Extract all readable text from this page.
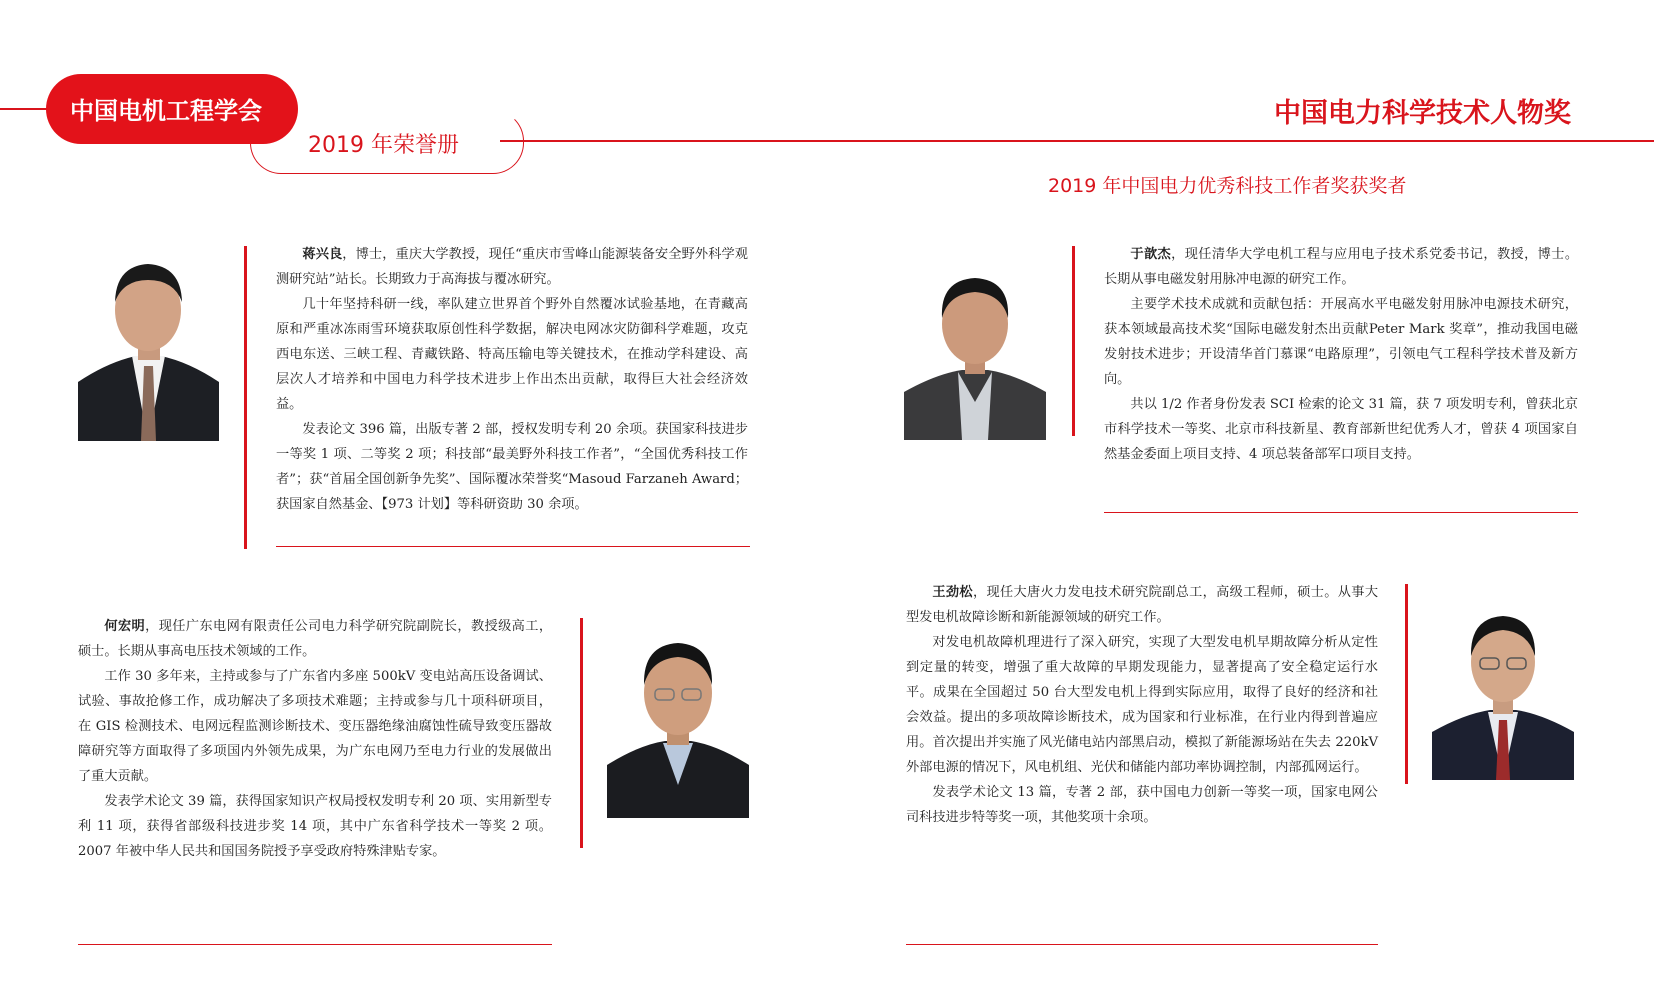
中国电机工程学会
2019 年荣誉册
中国电力科学技术人物奖
2019 年中国电力优秀科技工作者奖获奖者

蒋兴良，博士，重庆大学教授，现任“重庆市雪峰山能源装备安全野外科学观测研究站”站长。长期致力于高海拔与覆冰研究。

几十年坚持科研一线，率队建立世界首个野外自然覆冰试验基地，在青藏高原和严重冰冻雨雪环境获取原创性科学数据，解决电网冰灾防御科学难题，攻克西电东送、三峡工程、青藏铁路、特高压输电等关键技术，在推动学科建设、高层次人才培养和中国电力科学技术进步上作出杰出贡献，取得巨大社会经济效益。

发表论文 396 篇，出版专著 2 部，授权发明专利 20 余项。获国家科技进步一等奖 1 项、二等奖 2 项；科技部“最美野外科技工作者”，“全国优秀科技工作者”；获“首届全国创新争先奖”、国际覆冰荣誉奖“Masoud Farzaneh Award；获国家自然基金、【973 计划】等科研资助 30 余项。

于歆杰，现任清华大学电机工程与应用电子技术系党委书记，教授，博士。长期从事电磁发射用脉冲电源的研究工作。

主要学术技术成就和贡献包括：开展高水平电磁发射用脉冲电源技术研究，获本领域最高技术奖“国际电磁发射杰出贡献Peter Mark 奖章”，推动我国电磁发射技术进步；开设清华首门慕课“电路原理”，引领电气工程科学技术普及新方向。

共以 1/2 作者身份发表 SCI 检索的论文 31 篇，获 7 项发明专利，曾获北京市科学技术一等奖、北京市科技新星、教育部新世纪优秀人才，曾获 4 项国家自然基金委面上项目支持、4 项总装备部军口项目支持。

何宏明，现任广东电网有限责任公司电力科学研究院副院长，教授级高工，硕士。长期从事高电压技术领域的工作。

工作 30 多年来，主持或参与了广东省内多座 500kV 变电站高压设备调试、试验、事故抢修工作，成功解决了多项技术难题；主持或参与几十项科研项目，在 GIS 检测技术、电网远程监测诊断技术、变压器绝缘油腐蚀性硫导致变压器故障研究等方面取得了多项国内外领先成果，为广东电网乃至电力行业的发展做出了重大贡献。

发表学术论文 39 篇，获得国家知识产权局授权发明专利 20 项、实用新型专利 11 项，获得省部级科技进步奖 14 项，其中广东省科学技术一等奖 2 项。2007 年被中华人民共和国国务院授予享受政府特殊津贴专家。

王劲松，现任大唐火力发电技术研究院副总工，高级工程师，硕士。从事大型发电机故障诊断和新能源领域的研究工作。

对发电机故障机理进行了深入研究，实现了大型发电机早期故障分析从定性到定量的转变，增强了重大故障的早期发现能力，显著提高了安全稳定运行水平。成果在全国超过 50 台大型发电机上得到实际应用，取得了良好的经济和社会效益。提出的多项故障诊断技术，成为国家和行业标准，在行业内得到普遍应用。首次提出并实施了风光储电站内部黑启动，模拟了新能源场站在失去 220kV 外部电源的情况下，风电机组、光伏和储能内部功率协调控制，内部孤网运行。

发表学术论文 13 篇，专著 2 部，获中国电力创新一等奖一项，国家电网公司科技进步特等奖一项，其他奖项十余项。
